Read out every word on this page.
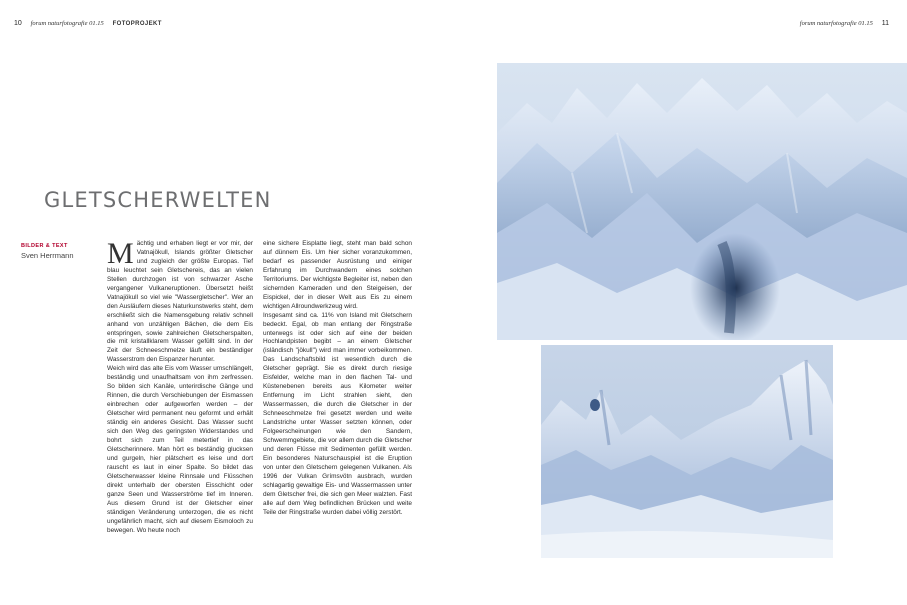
10 forum naturfotografie 01.15 FOTOPROJEKT	forum naturfotografie 01.15 11
GLETSCHERWELTEN
BILDER & TEXT
Sven Herrmann Mächtig und erhaben liegt er vor mir, der Vatnajökull, Islands größter Gletscher und zugleich der größte Europas. Tief blau leuchtet sein Gletschereis, das an vielen Stellen durchzogen ist von schwarzer Asche vergangener Vulkaneruptionen. Übersetzt heißt Vatnajökull so viel wie "Wassergletscher". Wer an den Ausläufern dieses Naturkunstwerks steht, dem erschließt sich die Namensgebung relativ schnell anhand von unzähligen Bächen, die dem Eis entspringen, sowie zahlreichen Gletscherspalten, die mit kristallklarem Wasser gefüllt sind. In der Zeit der Schneeschmelze läuft ein beständiger Wasserstrom den Eispanzer herunter.

Weich wird das alte Eis vom Wasser umschlängelt, beständig und unaufhaltsam von ihm zerfressen. So bilden sich Kanäle, unterirdische Gänge und Rinnen, die durch Verschiebungen der Eismassen einbrechen oder aufgeworfen werden – der Gletscher wird permanent neu geformt und erhält ständig ein anderes Gesicht. Das Wasser sucht sich den Weg des geringsten Widerstandes und bohrt sich zum Teil metertief in das Gletscherinnere. Man hört es beständig glucksen und gurgeln, hier plätschert es leise und dort rauscht es laut in einer Spalte. So bildet das Gletscherwasser kleine Rinnsale und Flüsschen direkt unterhalb der obersten Eisschicht oder ganze Seen und Wasserströme tief im Inneren. Aus diesem Grund ist der Gletscher einer ständigen Veränderung unterzogen, die es nicht ungefährlich macht, sich auf diesem Eismoloch zu bewegen. Wo heute noch

eine sichere Eisplatte liegt, steht man bald schon auf dünnem Eis. Um hier sicher voranzukommen, bedarf es passender Ausrüstung und einiger Erfahrung im Durchwandern eines solchen Territoriums. Der wichtigste Begleiter ist, neben den sichernden Kameraden und den Steigeisen, der Eispickel, der in dieser Welt aus Eis zu einem wichtigen Allroundwerkzeug wird.

Insgesamt sind ca. 11% von Island mit Gletschern bedeckt. Egal, ob man entlang der Ringstraße unterwegs ist oder sich auf eine der beiden Hochlandpisten begibt – an einem Gletscher (isländisch "jökull") wird man immer vorbeikommen. Das Landschaftsbild ist wesentlich durch die Gletscher geprägt. Sie es direkt durch riesige Eisfelder, welche man in den flachen Tal- und Küstenebenen bereits aus Kilometer weiter Entfernung im Licht strahlen sieht, den Wassermassen, die durch die Gletscher in der Schneeschmelze frei gesetzt werden und weite Landstriche unter Wasser setzten können, oder Folgeerscheinungen wie den Sandern, Schwemmgebiete, die vor allem durch die Gletscher und deren Flüsse mit Sedimenten gefüllt werden. Ein besonderes Naturschauspiel ist die Eruption von unter den Gletschern gelegenen Vulkanen. Als 1996 der Vulkan Grímsvötn ausbrach, wurden schlagartig gewaltige Eis- und Wassermassen unter dem Gletscher frei, die sich gen Meer walzten. Fast alle auf dem Weg befindlichen Brücken und weite Teile der Ringstraße wurden dabei völlig zerstört.
